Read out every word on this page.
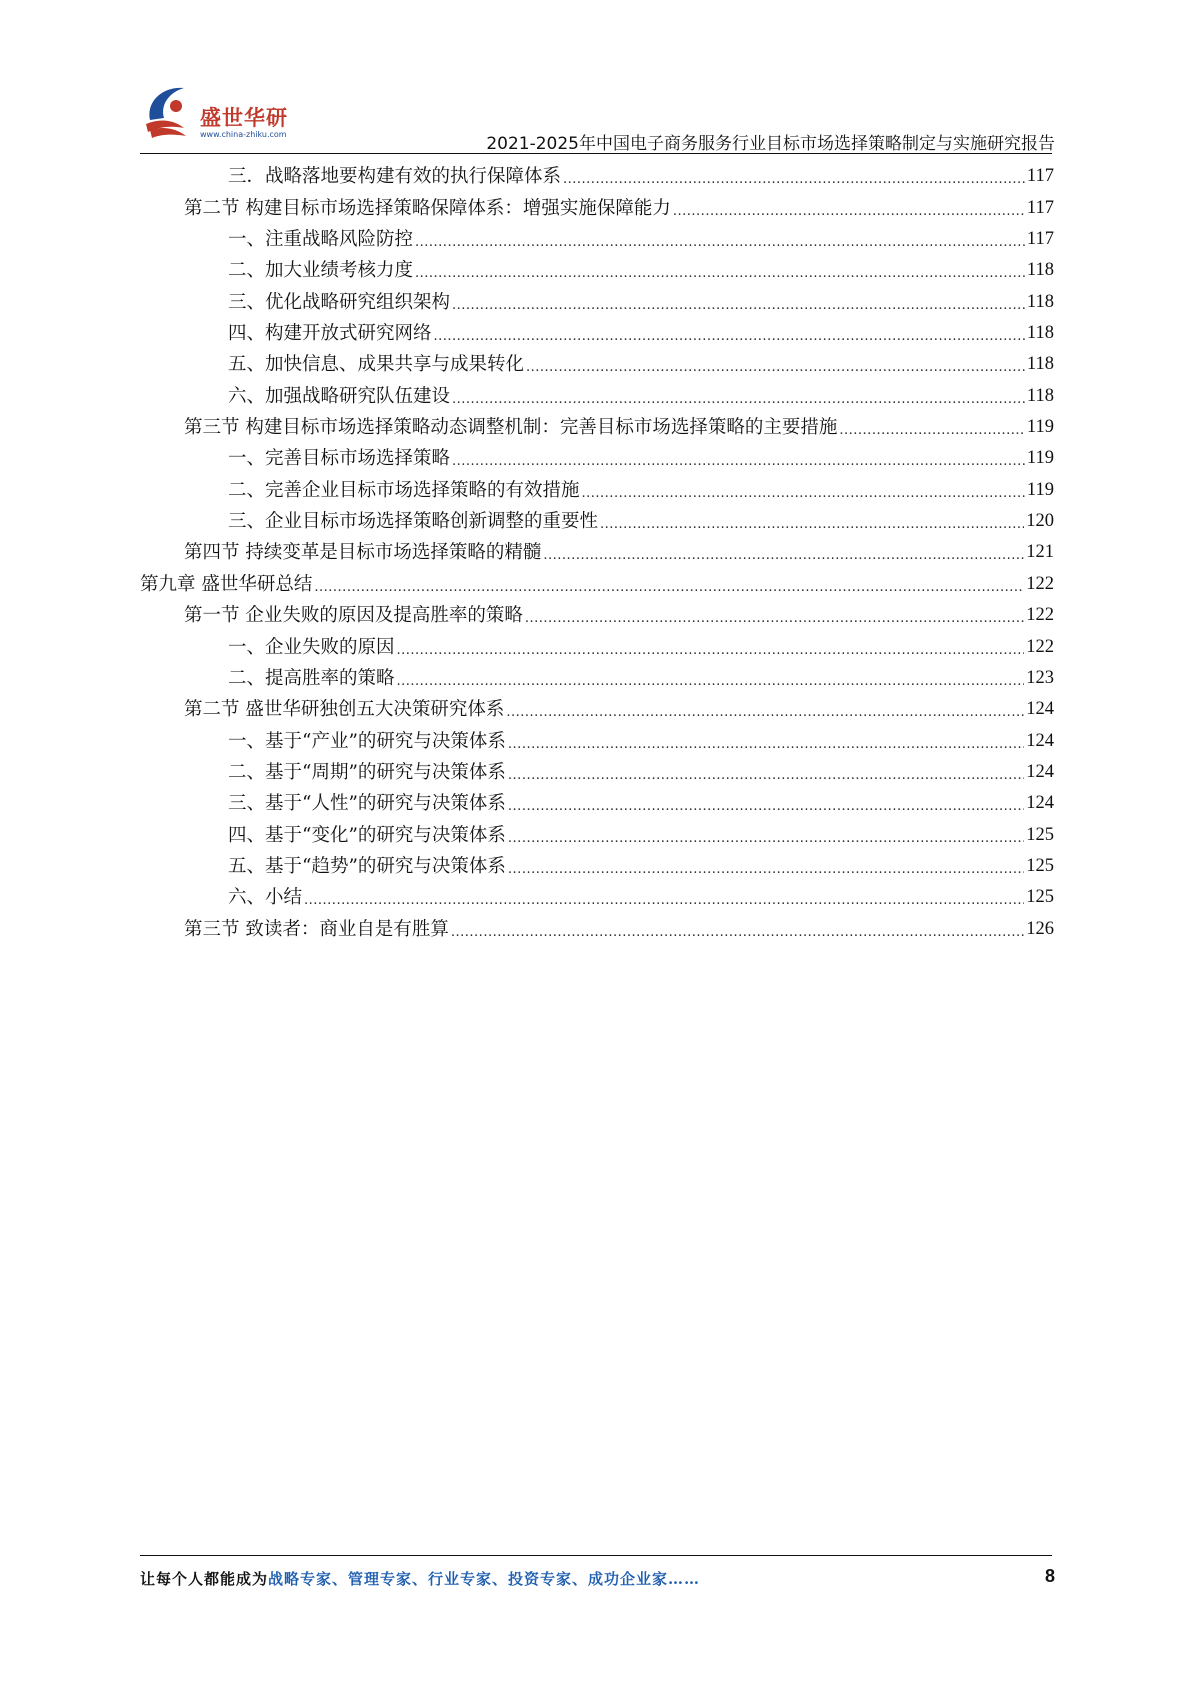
盛世华研
www.china-zhiku.com	2021-2025年中国电子商务服务行业目标市场选择策略制定与实施研究报告
三．战略落地要构建有效的执行保障体系 .....	117
第二节 构建目标市场选择策略保障体系：增强实施保障能力 .....	117
一、注重战略风险防控 .....	117
二、加大业绩考核力度 .....	118
三、优化战略研究组织架构 .....	118
四、构建开放式研究网络 .....	118
五、加快信息、成果共享与成果转化 .....	118
六、加强战略研究队伍建设 .....	118
第三节 构建目标市场选择策略动态调整机制：完善目标市场选择策略的主要措施 .....	119
一、完善目标市场选择策略 .....	119
二、完善企业目标市场选择策略的有效措施 .....	119
三、企业目标市场选择策略创新调整的重要性 .....	120
第四节 持续变革是目标市场选择策略的精髓 .....	121
第九章 盛世华研总结 .....	122
第一节 企业失败的原因及提高胜率的策略 .....	122
一、企业失败的原因 .....	122
二、提高胜率的策略 .....	123
第二节 盛世华研独创五大决策研究体系 .....	124
一、基于“产业”的研究与决策体系 .....	124
二、基于“周期”的研究与决策体系 .....	124
三、基于“人性”的研究与决策体系 .....	124
四、基于“变化”的研究与决策体系 .....	125
五、基于“趋势”的研究与决策体系 .....	125
六、小结 .....	125
第三节 致读者：商业自是有胜算 .....	126
让每个人都能成为战略专家、管理专家、行业专家、投资专家、成功企业家……	8
